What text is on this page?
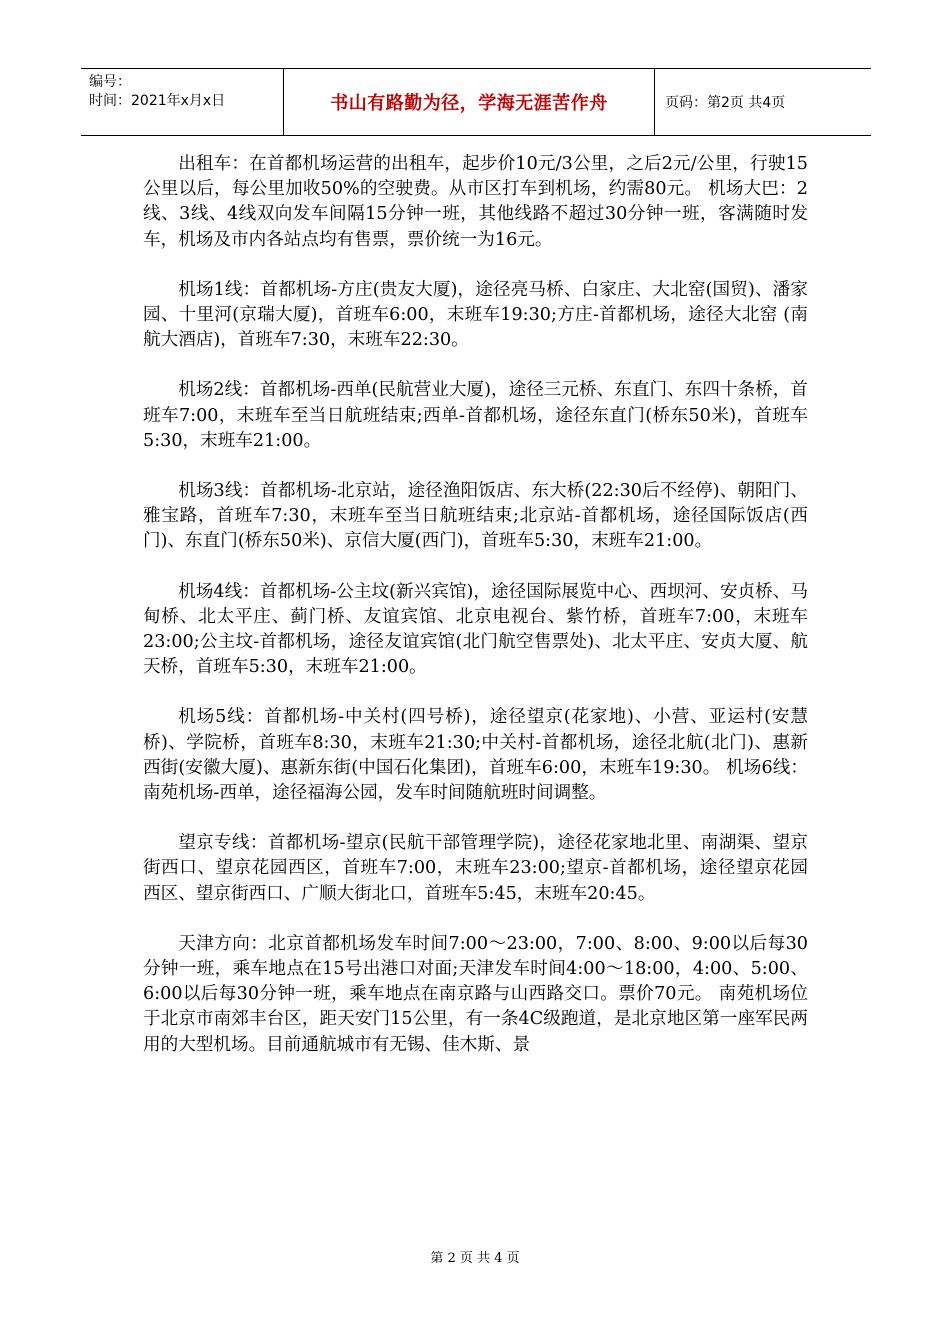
编号：
时间：2021年x月x日	书山有路勤为径，学海无涯苦作舟	页码：第2页 共4页

出租车：在首都机场运营的出租车，起步价10元/3公里，之后2元/公里，行驶15公里以后，每公里加收50%的空驶费。从市区打车到机场，约需80元。 机场大巴：2线、3线、4线双向发车间隔15分钟一班，其他线路不超过30分钟一班，客满随时发车，机场及市内各站点均有售票，票价统一为16元。

机场1线：首都机场-方庄(贵友大厦)，途径亮马桥、白家庄、大北窑(国贸)、潘家园、十里河(京瑞大厦)，首班车6:00，末班车19:30;方庄-首都机场，途径大北窑 (南航大酒店)，首班车7:30，末班车22:30。

机场2线：首都机场-西单(民航营业大厦)，途径三元桥、东直门、东四十条桥，首班车7:00，末班车至当日航班结束;西单-首都机场，途径东直门(桥东50米)，首班车5:30，末班车21:00。

机场3线：首都机场-北京站，途径渔阳饭店、东大桥(22:30后不经停)、朝阳门、雅宝路，首班车7:30，末班车至当日航班结束;北京站-首都机场，途径国际饭店(西门)、东直门(桥东50米)、京信大厦(西门)，首班车5:30，末班车21:00。

机场4线：首都机场-公主坟(新兴宾馆)，途径国际展览中心、西坝河、安贞桥、马甸桥、北太平庄、蓟门桥、友谊宾馆、北京电视台、紫竹桥，首班车7:00，末班车23:00;公主坟-首都机场，途径友谊宾馆(北门航空售票处)、北太平庄、安贞大厦、航天桥，首班车5:30，末班车21:00。

机场5线：首都机场-中关村(四号桥)，途径望京(花家地)、小营、亚运村(安慧桥)、学院桥，首班车8:30，末班车21:30;中关村-首都机场，途径北航(北门)、惠新西街(安徽大厦)、惠新东街(中国石化集团)，首班车6:00，末班车19:30。 机场6线：南苑机场-西单，途径福海公园，发车时间随航班时间调整。

望京专线：首都机场-望京(民航干部管理学院)，途径花家地北里、南湖渠、望京街西口、望京花园西区，首班车7:00，末班车23:00;望京-首都机场，途径望京花园西区、望京街西口、广顺大街北口，首班车5:45，末班车20:45。

天津方向：北京首都机场发车时间7:00～23:00，7:00、8:00、9:00以后每30分钟一班，乘车地点在15号出港口对面;天津发车时间4:00～18:00，4:00、5:00、6:00以后每30分钟一班，乘车地点在南京路与山西路交口。票价70元。 南苑机场位于北京市南郊丰台区，距天安门15公里，有一条4C级跑道，是北京地区第一座军民两用的大型机场。目前通航城市有无锡、佳木斯、景

第 2 页 共 4 页
